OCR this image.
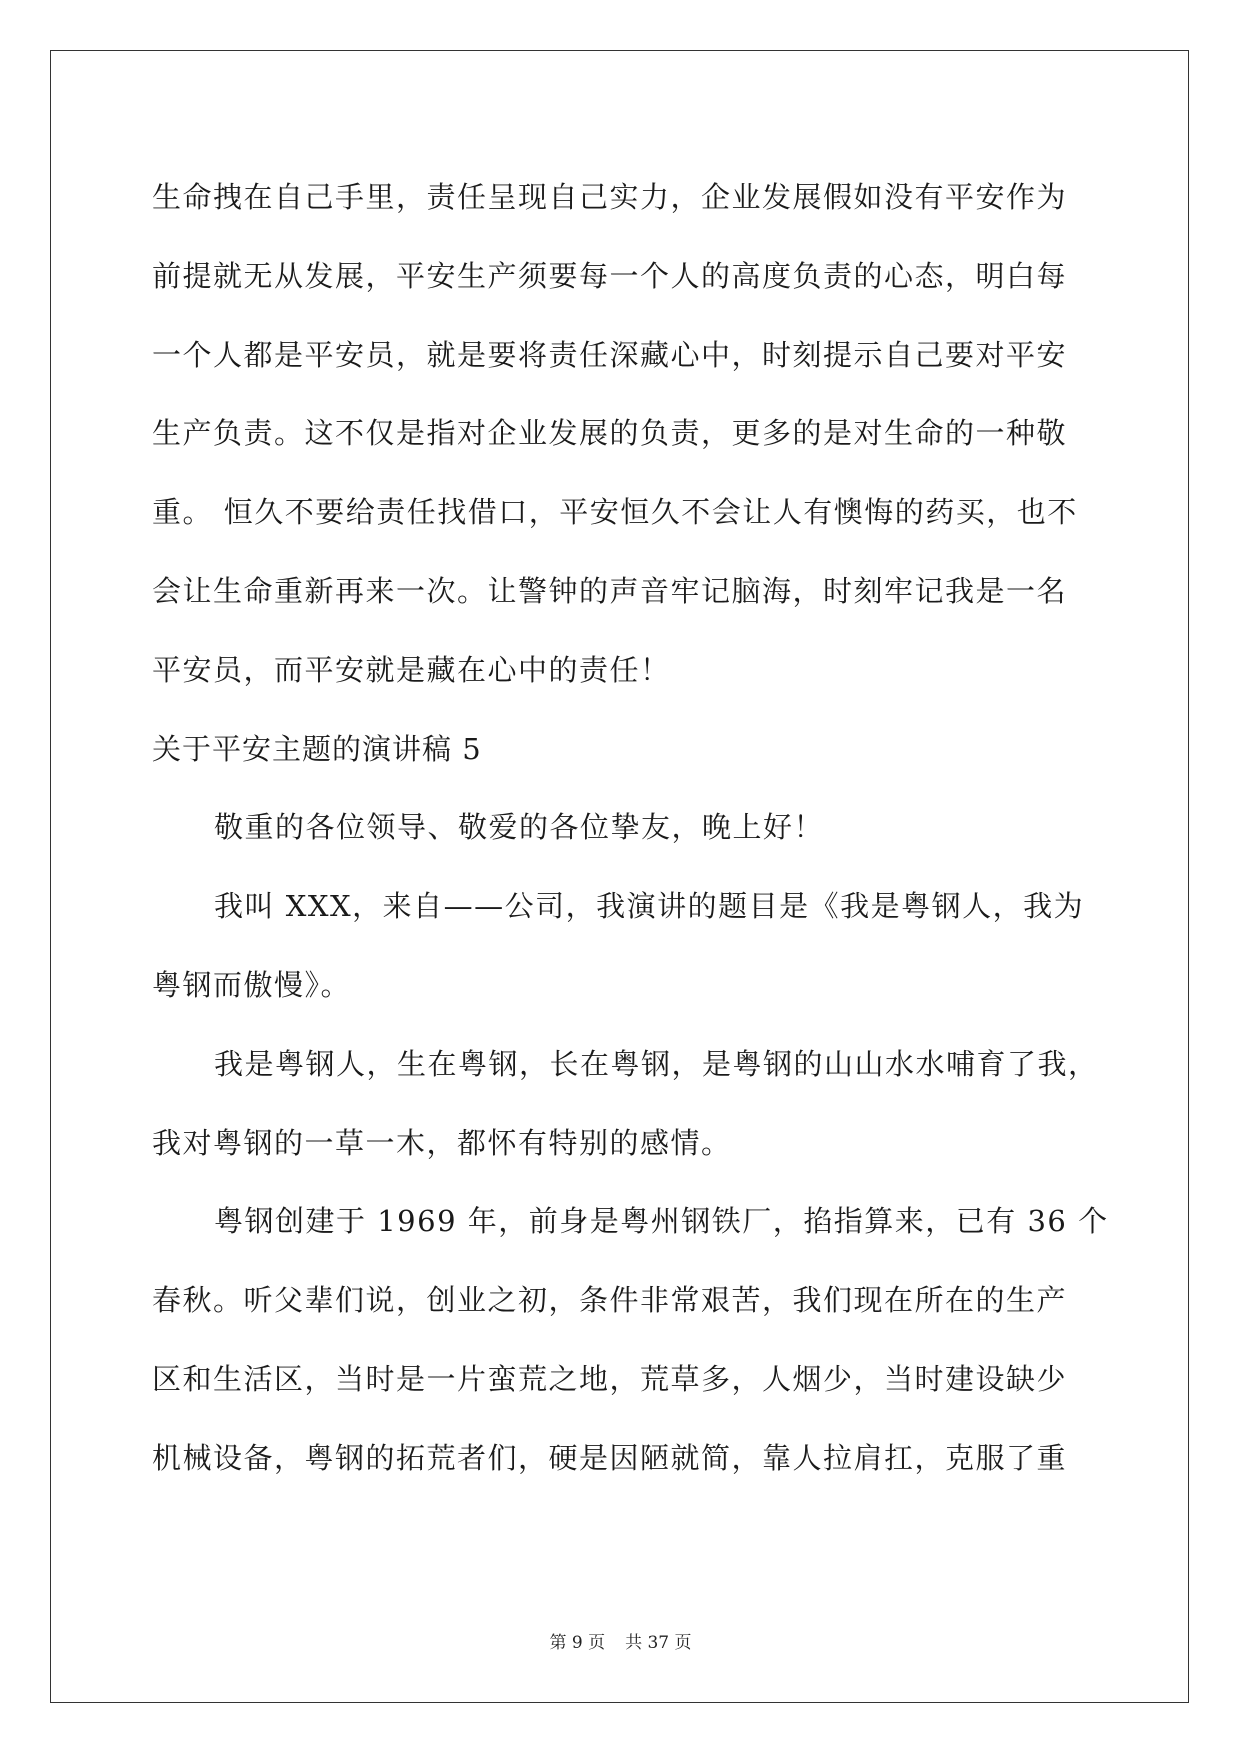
生命拽在自己手里，责任呈现自己实力，企业发展假如没有平安作为
前提就无从发展，平安生产须要每一个人的高度负责的心态，明白每
一个人都是平安员，就是要将责任深藏心中，时刻提示自己要对平安
生产负责。这不仅是指对企业发展的负责，更多的是对生命的一种敬
重。 恒久不要给责任找借口，平安恒久不会让人有懊悔的药买，也不
会让生命重新再来一次。让警钟的声音牢记脑海，时刻牢记我是一名
平安员，而平安就是藏在心中的责任！
关于平安主题的演讲稿 5
敬重的各位领导、敬爱的各位挚友，晚上好！
我叫 XXX，来自——公司，我演讲的题目是《我是粤钢人，我为
粤钢而傲慢》。
我是粤钢人，生在粤钢，长在粤钢，是粤钢的山山水水哺育了我，
我对粤钢的一草一木，都怀有特别的感情。
粤钢创建于 1969 年，前身是粤州钢铁厂，掐指算来，已有 36 个
春秋。听父辈们说，创业之初，条件非常艰苦，我们现在所在的生产
区和生活区，当时是一片蛮荒之地，荒草多，人烟少，当时建设缺少
机械设备，粤钢的拓荒者们，硬是因陋就简，靠人拉肩扛，克服了重
第 9 页 共 37 页
